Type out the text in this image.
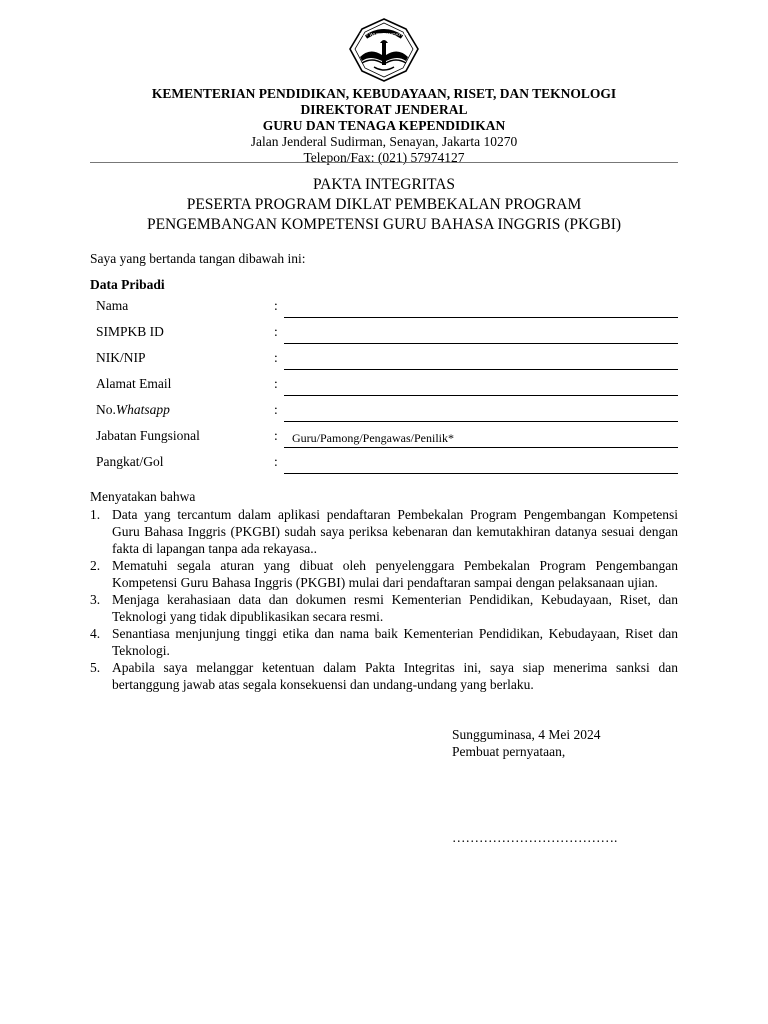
TUT WURI HANDAYANI
KEMENTERIAN PENDIDIKAN, KEBUDAYAAN, RISET, DAN TEKNOLOGI
DIREKTORAT JENDERAL
GURU DAN TENAGA KEPENDIDIKAN
Jalan Jenderal Sudirman, Senayan, Jakarta 10270
Telepon/Fax: (021) 57974127
PAKTA INTEGRITAS
PESERTA PROGRAM DIKLAT PEMBEKALAN PROGRAM
PENGEMBANGAN KOMPETENSI GURU BAHASA INGGRIS (PKGBI)
Saya yang bertanda tangan dibawah ini:
Data Pribadi
Nama	:
SIMPKB ID	:
NIK/NIP	:
Alamat Email	:
No.Whatsapp	:
Jabatan Fungsional	: Guru/Pamong/Pengawas/Penilik*
Pangkat/Gol	:
Menyatakan bahwa
1. Data yang tercantum dalam aplikasi pendaftaran Pembekalan Program Pengembangan Kompetensi Guru Bahasa Inggris (PKGBI) sudah saya periksa kebenaran dan kemutakhiran datanya sesuai dengan fakta di lapangan tanpa ada rekayasa..
2. Mematuhi segala aturan yang dibuat oleh penyelenggara Pembekalan Program Pengembangan Kompetensi Guru Bahasa Inggris (PKGBI) mulai dari pendaftaran sampai dengan pelaksanaan ujian.
3. Menjaga kerahasiaan data dan dokumen resmi Kementerian Pendidikan, Kebudayaan, Riset, dan Teknologi yang tidak dipublikasikan secara resmi.
4. Senantiasa menjunjung tinggi etika dan nama baik Kementerian Pendidikan, Kebudayaan, Riset dan Teknologi.
5. Apabila saya melanggar ketentuan dalam Pakta Integritas ini, saya siap menerima sanksi dan bertanggung jawab atas segala konsekuensi dan undang-undang yang berlaku.
Sungguminasa, 4 Mei 2024
Pembuat pernyataan,
……………………………….
